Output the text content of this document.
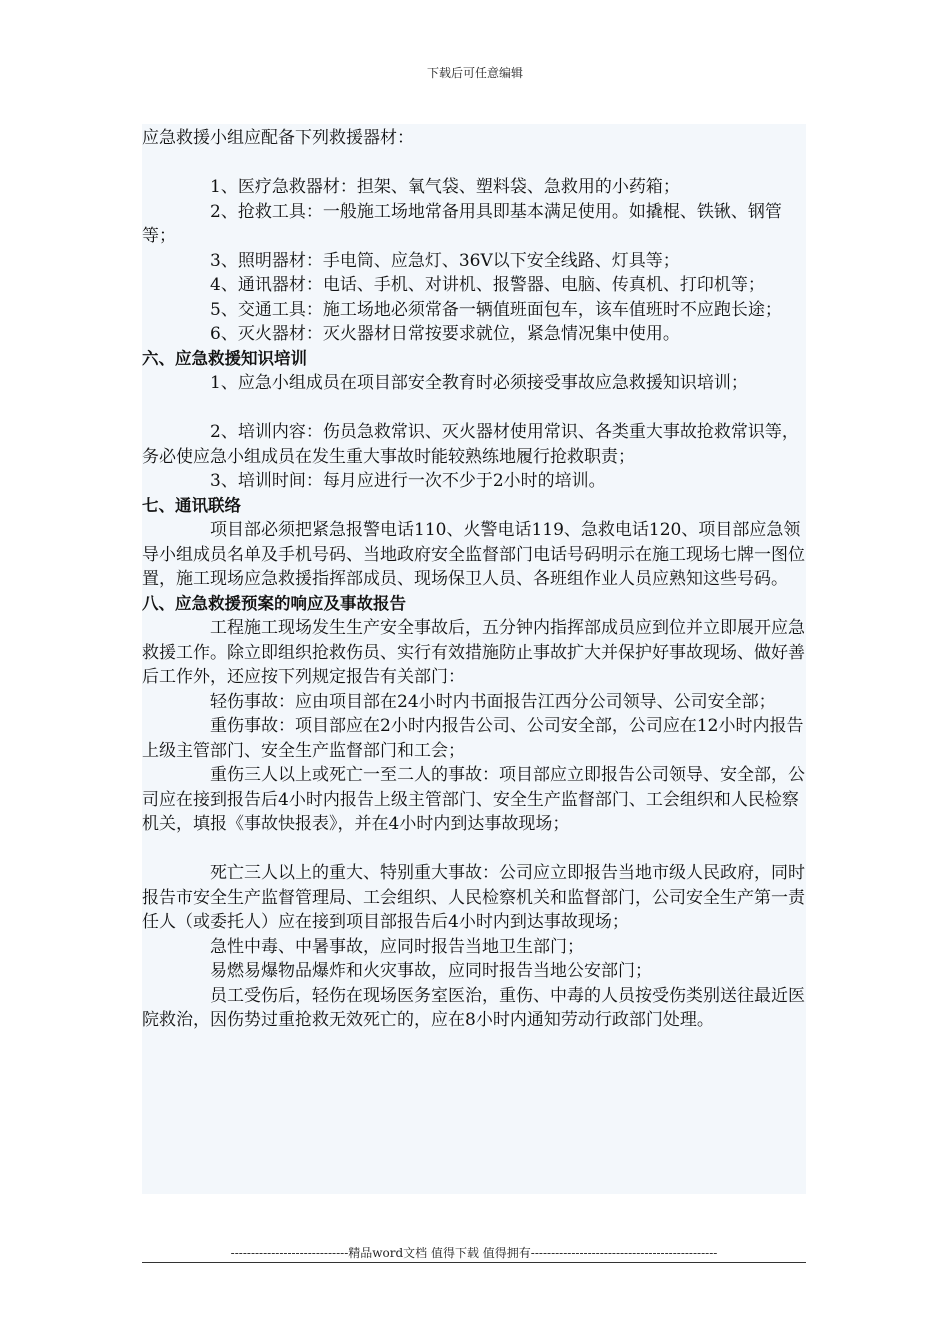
下载后可任意编辑

应急救援小组应配备下列救援器材：

1、医疗急救器材：担架、氧气袋、塑料袋、急救用的小药箱；

2、抢救工具：一般施工场地常备用具即基本满足使用。如撬棍、铁锹、钢管等；

3、照明器材：手电筒、应急灯、36V以下安全线路、灯具等；

4、通讯器材：电话、手机、对讲机、报警器、电脑、传真机、打印机等；

5、交通工具：施工场地必须常备一辆值班面包车，该车值班时不应跑长途；

6、灭火器材：灭火器材日常按要求就位，紧急情况集中使用。

六、应急救援知识培训

1、应急小组成员在项目部安全教育时必须接受事故应急救援知识培训；

2、培训内容：伤员急救常识、灭火器材使用常识、各类重大事故抢救常识等，务必使应急小组成员在发生重大事故时能较熟练地履行抢救职责；

3、培训时间：每月应进行一次不少于2小时的培训。

七、通讯联络

项目部必须把紧急报警电话110、火警电话119、急救电话120、项目部应急领导小组成员名单及手机号码、当地政府安全监督部门电话号码明示在施工现场七牌一图位置，施工现场应急救援指挥部成员、现场保卫人员、各班组作业人员应熟知这些号码。

八、应急救援预案的响应及事故报告

工程施工现场发生生产安全事故后，五分钟内指挥部成员应到位并立即展开应急救援工作。除立即组织抢救伤员、实行有效措施防止事故扩大并保护好事故现场、做好善后工作外，还应按下列规定报告有关部门：

轻伤事故：应由项目部在24小时内书面报告江西分公司领导、公司安全部；

重伤事故：项目部应在2小时内报告公司、公司安全部，公司应在12小时内报告上级主管部门、安全生产监督部门和工会；

重伤三人以上或死亡一至二人的事故：项目部应立即报告公司领导、安全部，公司应在接到报告后4小时内报告上级主管部门、安全生产监督部门、工会组织和人民检察机关，填报《事故快报表》，并在4小时内到达事故现场；

死亡三人以上的重大、特别重大事故：公司应立即报告当地市级人民政府，同时报告市安全生产监督管理局、工会组织、人民检察机关和监督部门，公司安全生产第一责任人（或委托人）应在接到项目部报告后4小时内到达事故现场；

急性中毒、中暑事故，应同时报告当地卫生部门；

易燃易爆物品爆炸和火灾事故，应同时报告当地公安部门；

员工受伤后，轻伤在现场医务室医治，重伤、中毒的人员按受伤类别送往最近医院救治，因伤势过重抢救无效死亡的，应在8小时内通知劳动行政部门处理。

-----------------------------精品word文档 值得下载 值得拥有----------------------------------------------
